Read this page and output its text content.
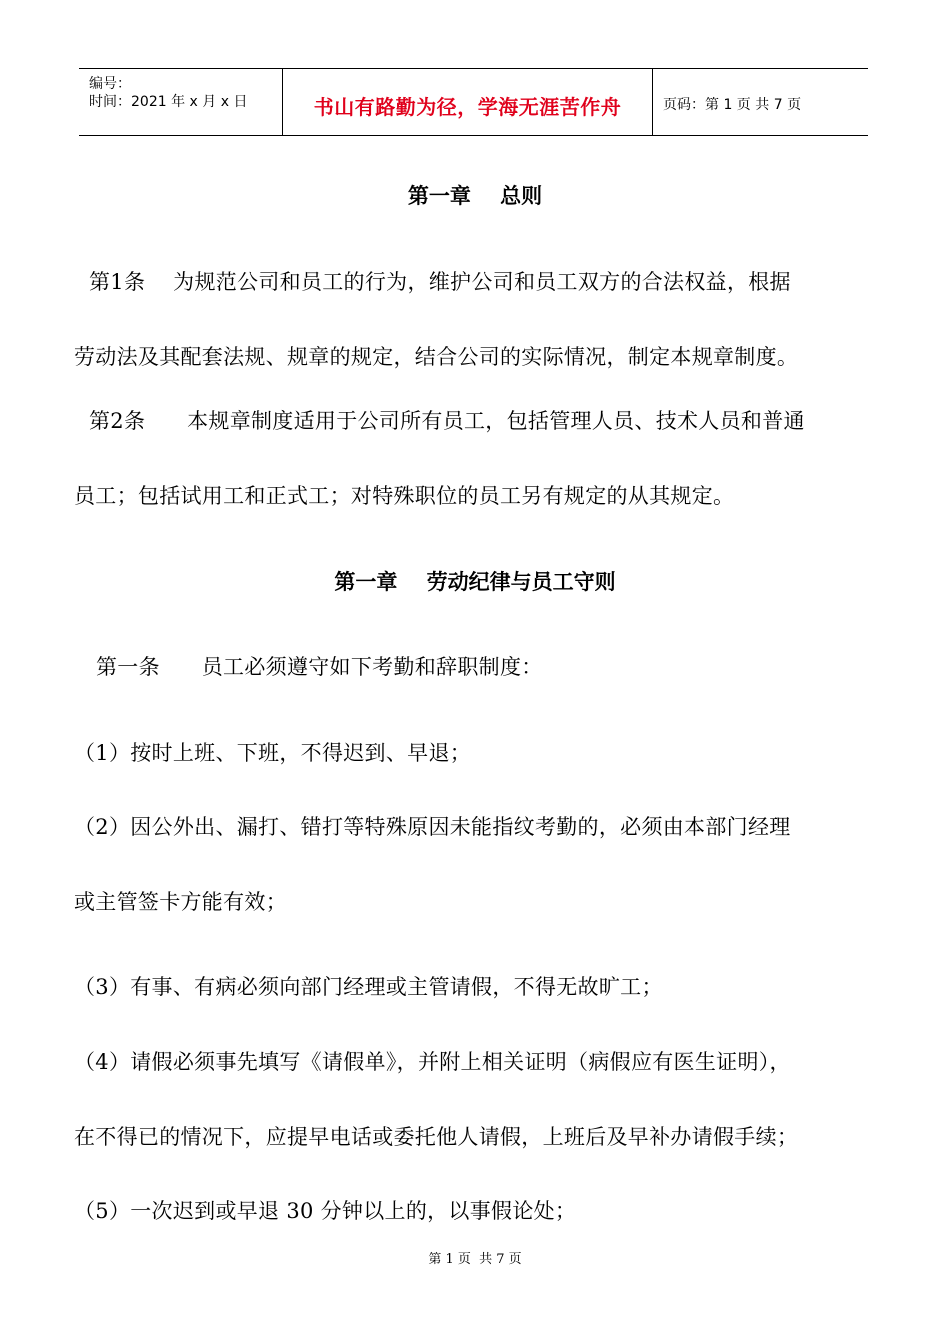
编号：
时间：2021 年 x 月 x 日	书山有路勤为径，学海无涯苦作舟	页码：第 1 页 共 7 页
第一章    总则
第1条    为规范公司和员工的行为，维护公司和员工双方的合法权益，根据
劳动法及其配套法规、规章的规定，结合公司的实际情况，制定本规章制度。
第2条      本规章制度适用于公司所有员工，包括管理人员、技术人员和普通
员工；包括试用工和正式工；对特殊职位的员工另有规定的从其规定。
第一章    劳动纪律与员工守则
第一条      员工必须遵守如下考勤和辞职制度：
（1）按时上班、下班，不得迟到、早退；
（2）因公外出、漏打、错打等特殊原因未能指纹考勤的，必须由本部门经理
或主管签卡方能有效；
（3）有事、有病必须向部门经理或主管请假，不得无故旷工；
（4）请假必须事先填写《请假单》，并附上相关证明（病假应有医生证明），
在不得已的情况下，应提早电话或委托他人请假，上班后及早补办请假手续；
（5）一次迟到或早退 30 分钟以上的，以事假论处；
第 1 页  共 7 页
